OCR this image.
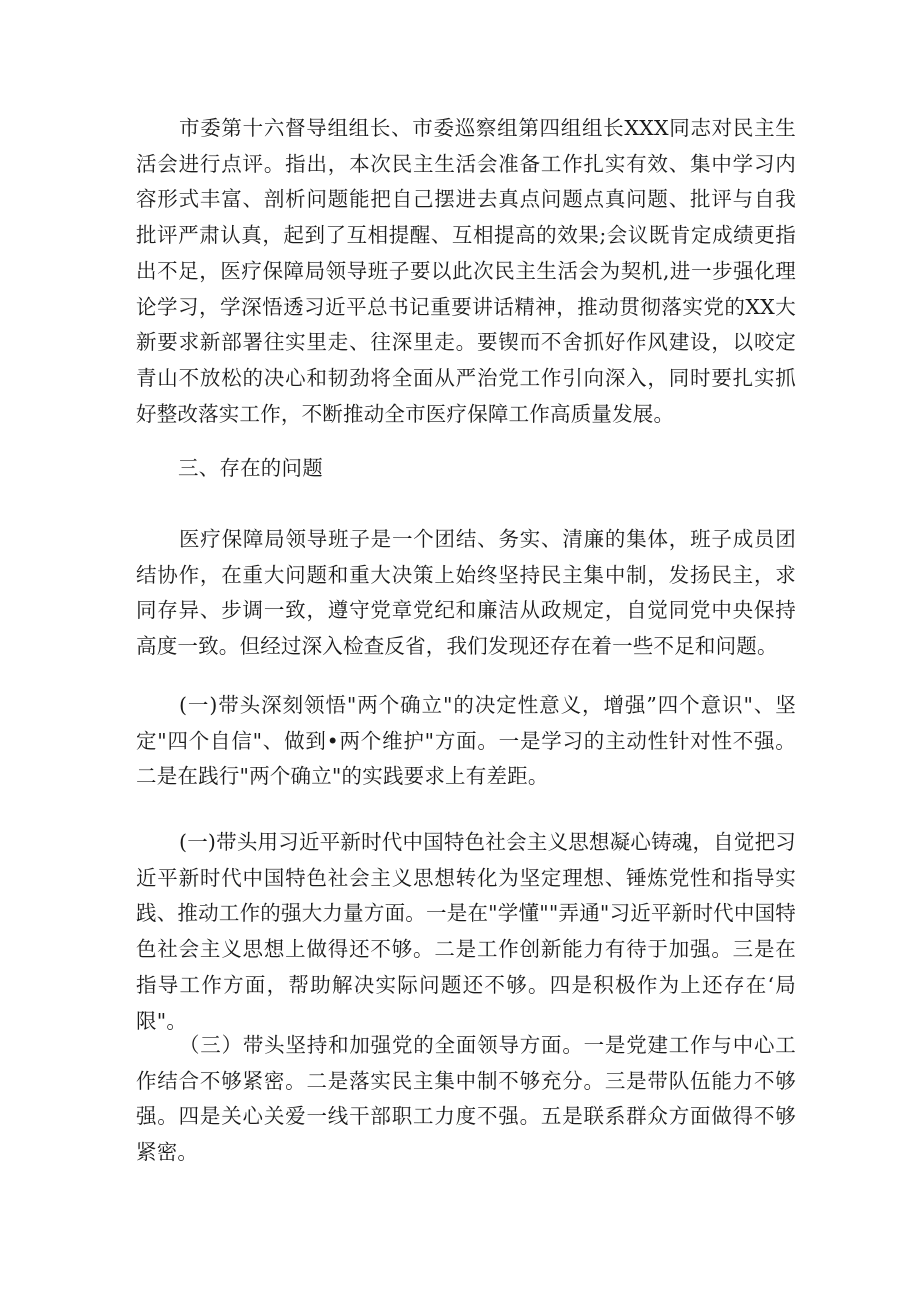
市委第十六督导组组长、市委巡察组第四组组长XXX同志对民主生活会进行点评。指出，本次民主生活会准备工作扎实有效、集中学习内容形式丰富、剖析问题能把自己摆进去真点问题点真问题、批评与自我批评严肃认真，起到了互相提醒、互相提高的效果;会议既肯定成绩更指出不足，医疗保障局领导班子要以此次民主生活会为契机,进一步强化理论学习，学深悟透习近平总书记重要讲话精神，推动贯彻落实党的XX大新要求新部署往实里走、往深里走。要锲而不舍抓好作风建设，以咬定青山不放松的决心和韧劲将全面从严治党工作引向深入，同时要扎实抓好整改落实工作，不断推动全市医疗保障工作高质量发展。

三、存在的问题

医疗保障局领导班子是一个团结、务实、清廉的集体，班子成员团结协作，在重大问题和重大决策上始终坚持民主集中制，发扬民主，求同存异、步调一致，遵守党章党纪和廉洁从政规定，自觉同党中央保持高度一致。但经过深入检查反省，我们发现还存在着一些不足和问题。

(一)带头深刻领悟"两个确立"的决定性意义，增强”四个意识"、坚定"四个自信"、做到•两个维护"方面。一是学习的主动性针对性不强。二是在践行"两个确立"的实践要求上有差距。

(一)带头用习近平新时代中国特色社会主义思想凝心铸魂，自觉把习近平新时代中国特色社会主义思想转化为坚定理想、锤炼党性和指导实践、推动工作的强大力量方面。一是在"学懂""弄通"习近平新时代中国特色社会主义思想上做得还不够。二是工作创新能力有待于加强。三是在指导工作方面，帮助解决实际问题还不够。四是积极作为上还存在‘局限"。

（三）带头坚持和加强党的全面领导方面。一是党建工作与中心工作结合不够紧密。二是落实民主集中制不够充分。三是带队伍能力不够强。四是关心关爱一线干部职工力度不强。五是联系群众方面做得不够紧密。
